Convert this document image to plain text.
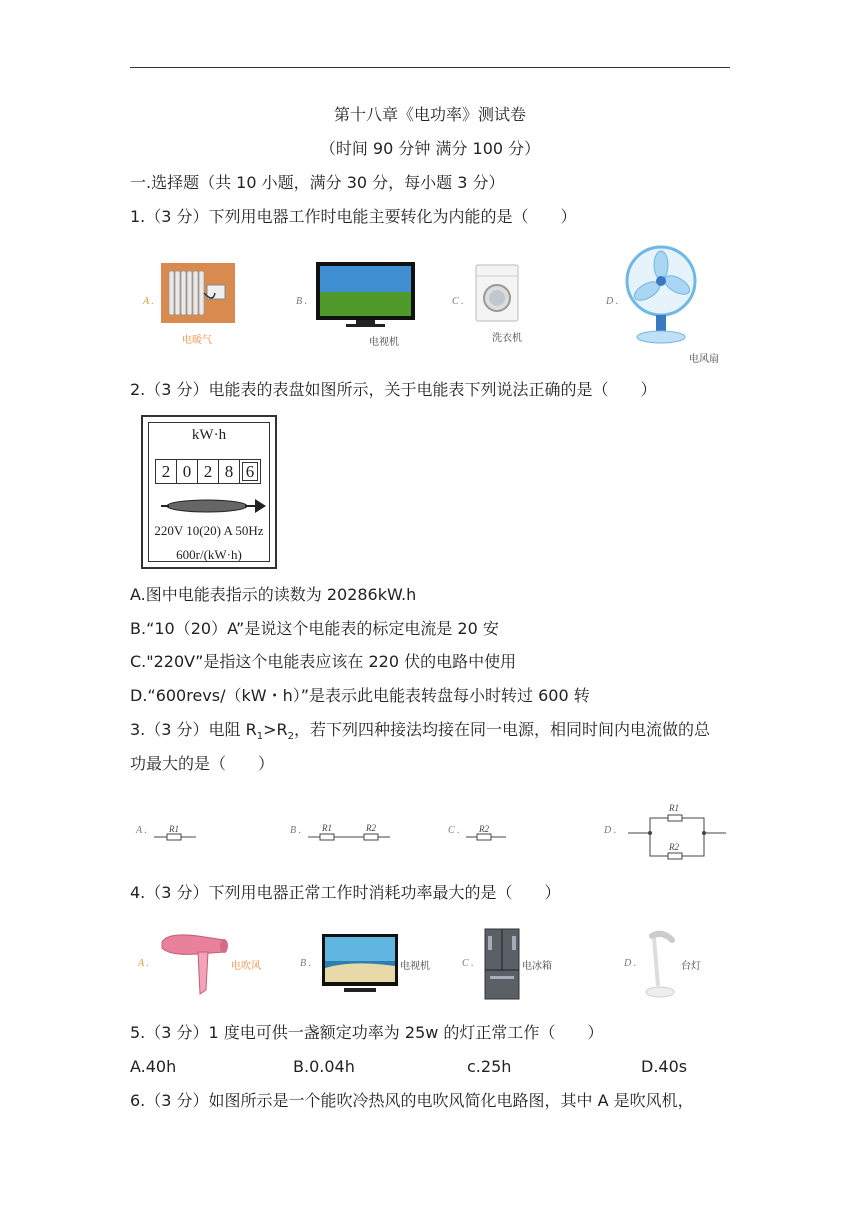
第十八章《电功率》测试卷
（时间 90 分钟 满分 100 分）
一.选择题（共 10 小题，满分 30 分，每小题 3 分）
1.（3 分）下列用电器工作时电能主要转化为内能的是（　　）
A .
电暖气
B .
电视机
C .
洗衣机
D .
电风扇
2.（3 分）电能表的表盘如图所示，关于电能表下列说法正确的是（　　）
kW·h
2 0 2 8 6
220V 10(20) A 50Hz
600r/(kW·h)
A.图中电能表指示的读数为 20286kW.h
B.“10（20）A”是说这个电能表的标定电流是 20 安
C."220V”是指这个电能表应该在 220 伏的电路中使用
D.“600revs/（kW・h）”是表示此电能表转盘每小时转过 600 转
3.（3 分）电阻 $R_1>R_2$，若下列四种接法均接在同一电源，相同时间内电流做的总
功最大的是（　　）
A . R1	B . R1	R2	C . R2	D .
R1
R2
4.（3 分）下列用电器正常工作时消耗功率最大的是（　　）
A .	电吹风	B .	电视机	C .	电冰箱	D .	台灯
5.（3 分）1 度电可供一盏额定功率为 25w 的灯正常工作（　　）
A.40h	B.0.04h	c.25h	D.40s
6.（3 分）如图所示是一个能吹冷热风的电吹风简化电路图，其中 A 是吹风机，
